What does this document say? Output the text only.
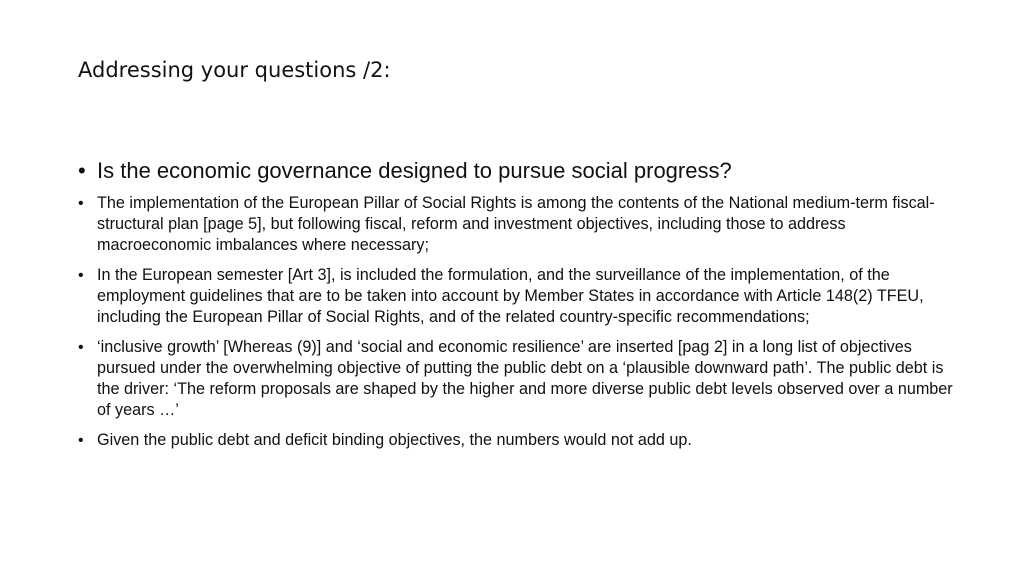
Addressing your questions /2:
• Is the economic governance designed to pursue social progress?
• The implementation of the European Pillar of Social Rights is among the contents of the National medium-term fiscal-structural plan [page 5], but following fiscal, reform and investment objectives, including those to address macroeconomic imbalances where necessary;
• In the European semester [Art 3], is included the formulation, and the surveillance of the implementation, of the employment guidelines that are to be taken into account by Member States in accordance with Article 148(2) TFEU, including the European Pillar of Social Rights, and of the related country-specific recommendations;
• ‘inclusive growth’ [Whereas (9)] and ‘social and economic resilience’ are inserted [pag 2] in a long list of objectives pursued under the overwhelming objective of putting the public debt on a ‘plausible downward path’. The public debt is the driver: ‘The reform proposals are shaped by the higher and more diverse public debt levels observed over a number of years …’
• Given the public debt and deficit binding objectives, the numbers would not add up.
